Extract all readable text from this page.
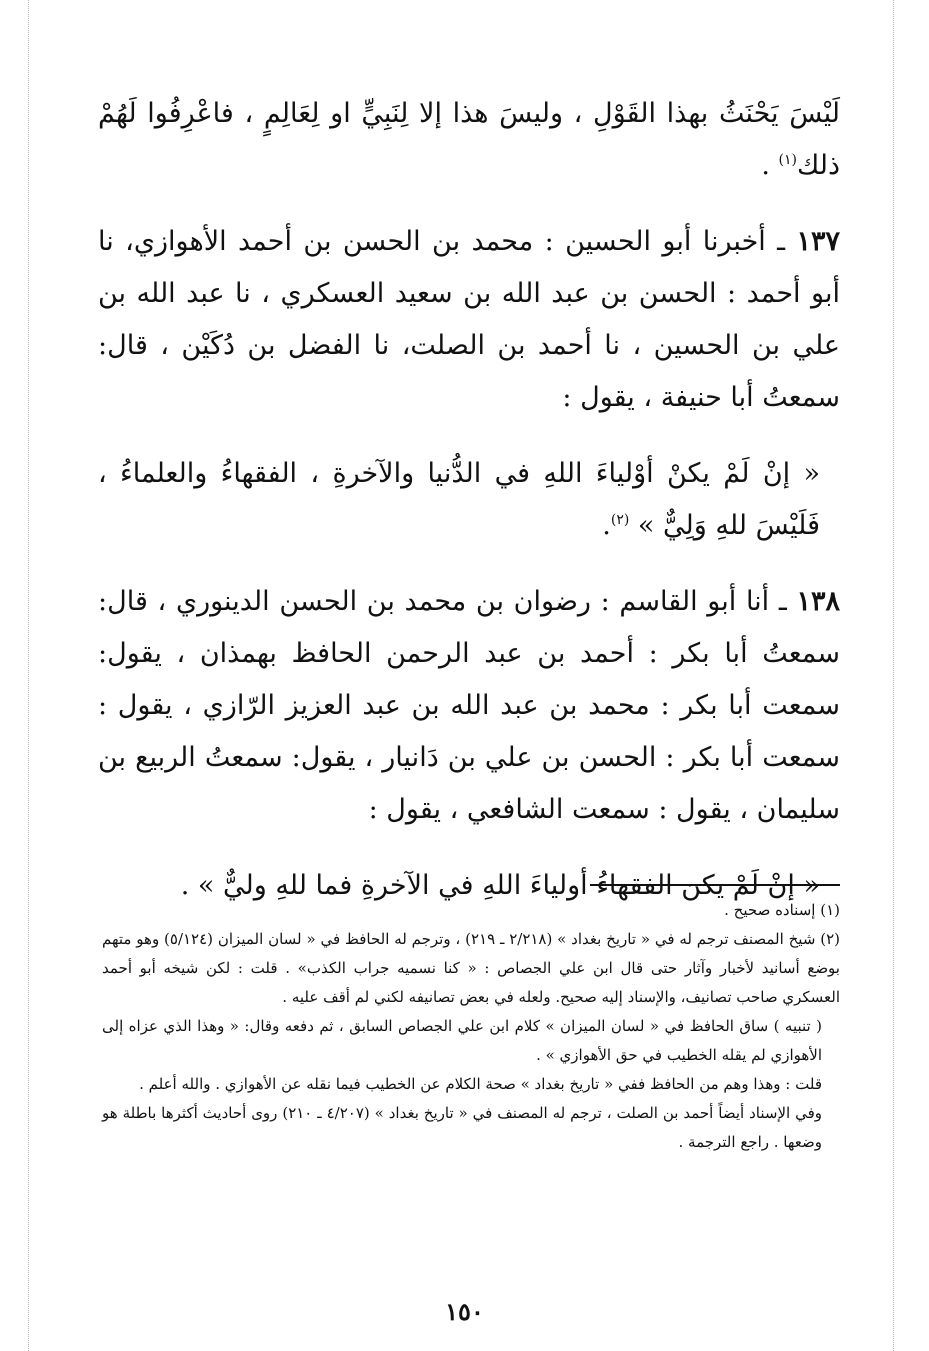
لَيْسَ يَحْنَثُ بهذا القَوْلِ ، وليسَ هذا إلا لِنَبِيٍّ او لِعَالِمٍ ، فاعْرِفُوا لَهُمْ ذلك$^{(١)}$ .

١٣٧ ـ أخبرنا أبو الحسين : محمد بن الحسن بن أحمد الأهوازي، نا أبو أحمد : الحسن بن عبد الله بن سعيد العسكري ، نا عبد الله بن علي بن الحسين ، نا أحمد بن الصلت، نا الفضل بن دُكَيْن ، قال: سمعتُ أبا حنيفة ، يقول :

« إنْ لَمْ يكنْ أوْلياءَ اللهِ في الدُّنيا والآخرةِ ، الفقهاءُ والعلماءُ ، فَلَيْسَ للهِ وَلِيٌّ » $^{(٢)}$.

١٣٨ ـ أنا أبو القاسم : رضوان بن محمد بن الحسن الدينوري ، قال: سمعتُ أبا بكر : أحمد بن عبد الرحمن الحافظ بهمذان ، يقول: سمعت أبا بكر : محمد بن عبد الله بن عبد العزيز الرّازي ، يقول : سمعت أبا بكر : الحسن بن علي بن دَانيار ، يقول: سمعتُ الربيع بن سليمان ، يقول : سمعت الشافعي ، يقول :

« إنْ لَمْ يكن الفقهاءُ أولياءَ اللهِ في الآخرةِ فما للهِ وليٌّ » .

(١) إسناده صحيح .

(٢) شيخ المصنف ترجم له في « تاريخ بغداد » (٢/٢١٨ ـ ٢١٩) ، وترجم له الحافظ في « لسان الميزان (٥/١٢٤) وهو متهم بوضع أسانيد لأخبار وآثار حتى قال ابن علي الجصاص : « كنا نسميه جراب الكذب» . قلت : لكن شيخه أبو أحمد العسكري صاحب تصانيف، والإسناد إليه صحيح. ولعله في بعض تصانيفه لكني لم أقف عليه .

( تنبيه ) ساق الحافظ في « لسان الميزان » كلام ابن علي الجصاص السابق ، ثم دفعه وقال: « وهذا الذي عزاه إلى الأهوازي لم يقله الخطيب في حق الأهوازي » .

قلت : وهذا وهم من الحافظ ففي « تاريخ بغداد » صحة الكلام عن الخطيب فيما نقله عن الأهوازي . والله أعلم .

وفي الإسناد أيضاً أحمد بن الصلت ، ترجم له المصنف في « تاريخ بغداد » (٤/٢٠٧ ـ ٢١٠) روى أحاديث أكثرها باطلة هو وضعها . راجع الترجمة .

١٥٠
